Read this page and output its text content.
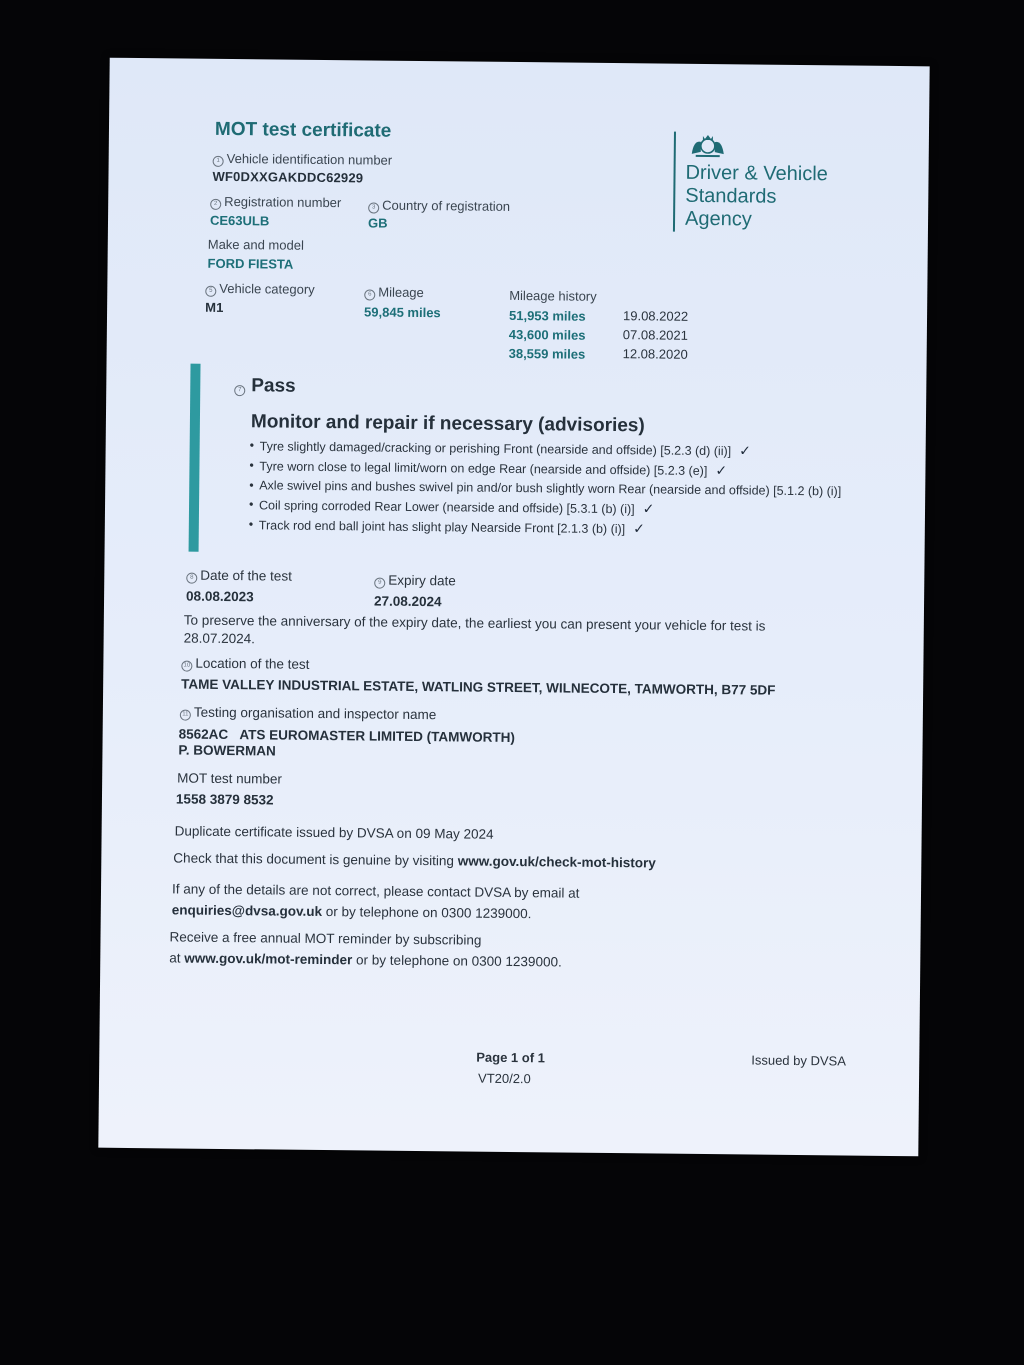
MOT test certificate
Driver & Vehicle
Standards
Agency
1 Vehicle identification number
WF0DXXGAKDDC62929
2 Registration number
CE63ULB
3 Country of registration
GB
Make and model
FORD FIESTA
5 Vehicle category
M1
6 Mileage
59,845 miles
Mileage history
51,953 miles	19.08.2022
43,600 miles	07.08.2021
38,559 miles	12.08.2020
7 Pass
Monitor and repair if necessary (advisories)
• Tyre slightly damaged/cracking or perishing Front (nearside and offside) [5.2.3 (d) (ii)] ✓
• Tyre worn close to legal limit/worn on edge Rear (nearside and offside) [5.2.3 (e)] ✓
• Axle swivel pins and bushes swivel pin and/or bush slightly worn Rear (nearside and offside) [5.1.2 (b) (i)]
• Coil spring corroded Rear Lower (nearside and offside) [5.3.1 (b) (i)] ✓
• Track rod end ball joint has slight play Nearside Front [2.1.3 (b) (i)] ✓
8 Date of the test
08.08.2023
9 Expiry date
27.08.2024
To preserve the anniversary of the expiry date, the earliest you can present your vehicle for test is 28.07.2024.
10 Location of the test
TAME VALLEY INDUSTRIAL ESTATE, WATLING STREET, WILNECOTE, TAMWORTH, B77 5DF
11 Testing organisation and inspector name
8562AC ATS EUROMASTER LIMITED (TAMWORTH)
P. BOWERMAN
MOT test number
1558 3879 8532
Duplicate certificate issued by DVSA on 09 May 2024
Check that this document is genuine by visiting www.gov.uk/check-mot-history
If any of the details are not correct, please contact DVSA by email at
enquiries@dvsa.gov.uk or by telephone on 0300 1239000.
Receive a free annual MOT reminder by subscribing
at www.gov.uk/mot-reminder or by telephone on 0300 1239000.
Page 1 of 1
VT20/2.0
Issued by DVSA
